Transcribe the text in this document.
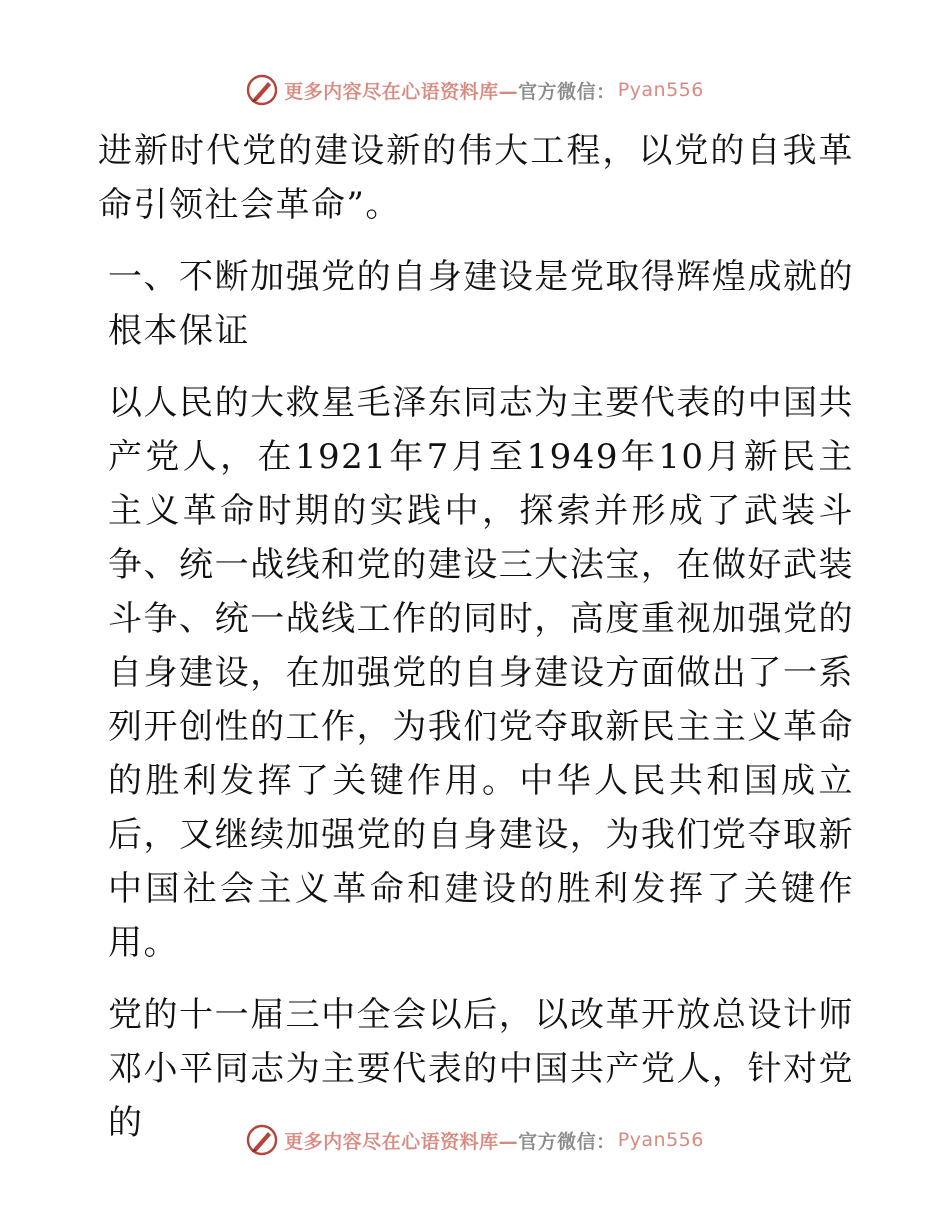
更多内容尽在心语资料库— 官方微信： Pyan556

进新时代党的建设新的伟大工程，以党的自我革命引领社会革命”。

一、不断加强党的自身建设是党取得辉煌成就的根本保证

以人民的大救星毛泽东同志为主要代表的中国共产党人，在1921年7月至1949年10月新民主主义革命时期的实践中，探索并形成了武装斗争、统一战线和党的建设三大法宝，在做好武装斗争、统一战线工作的同时，高度重视加强党的自身建设，在加强党的自身建设方面做出了一系列开创性的工作，为我们党夺取新民主主义革命的胜利发挥了关键作用。中华人民共和国成立后，又继续加强党的自身建设，为我们党夺取新中国社会主义革命和建设的胜利发挥了关键作用。

党的十一届三中全会以后，以改革开放总设计师邓小平同志为主要代表的中国共产党人，针对党的	更多内容尽在心语资料库— 官方微信： Pyan556
